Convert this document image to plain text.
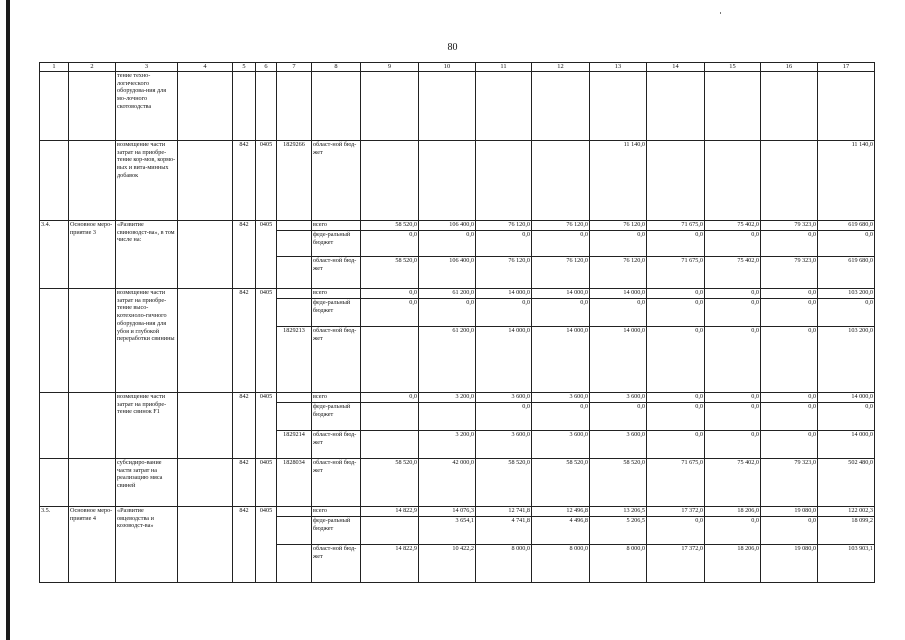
80
1	2	3	4	5	6	7	8	9	10	11	12	13	14	15	16	17
		тение техно-логического оборудова-ния для мо-лочного скотоводства														
		возмещение части затрат на приобре-тение кор-мов, кормо-вых и вита-минных добавок		842	0405	1829266	област-ной бюд-жет					11 140,0				11 140,0
3.4.	Основное меро-приятие 3	«Развитие свиноводст-ва», в том числе на:		842	0405		всего	58 520,0	106 400,0	76 120,0	76 120,0	76 120,0	71 675,0	75 402,0	79 323,0	619 680,0
							феде-ральный бюджет	0,0	0,0	0,0	0,0	0,0	0,0	0,0	0,0	0,0
							област-ной бюд-жет	58 520,0	106 400,0	76 120,0	76 120,0	76 120,0	71 675,0	75 402,0	79 323,0	619 680,0
		возмещение части затрат на приобре-тение высо-котехноло-гичного оборудова-ния для убоя и глубокой переработки свинины		842	0405		всего	0,0	61 200,0	14 000,0	14 000,0	14 000,0	0,0	0,0	0,0	103 200,0
							феде-ральный бюджет	0,0	0,0	0,0	0,0	0,0	0,0	0,0	0,0	0,0
						1829213	област-ной бюд-жет		61 200,0	14 000,0	14 000,0	14 000,0	0,0	0,0	0,0	103 200,0
		возмещение части затрат на приобре-тение свинок F1		842	0405		всего	0,0	3 200,0	3 600,0	3 600,0	3 600,0	0,0	0,0	0,0	14 000,0
							феде-ральный бюджет			0,0	0,0	0,0	0,0	0,0	0,0	0,0
						1829214	област-ной бюд-жет		3 200,0	3 600,0	3 600,0	3 600,0	0,0	0,0	0,0	14 000,0
		субсидиро-вание части затрат на реализацию мяса свиней		842	0405	1828034	област-ной бюд-жет	58 520,0	42 000,0	58 520,0	58 520,0	58 520,0	71 675,0	75 402,0	79 323,0	502 480,0
3.5.	Основное меро-приятие 4	«Развитие овцеводства и козоводст-ва»		842	0405		всего	14 822,9	14 076,3	12 741,8	12 496,8	13 206,5	17 372,0	18 206,0	19 080,0	122 002,3
							феде-ральный бюджет		3 654,1	4 741,8	4 496,8	5 206,5	0,0	0,0	0,0	18 099,2
							област-ной бюд-жет	14 822,9	10 422,2	8 000,0	8 000,0	8 000,0	17 372,0	18 206,0	19 080,0	103 903,1
